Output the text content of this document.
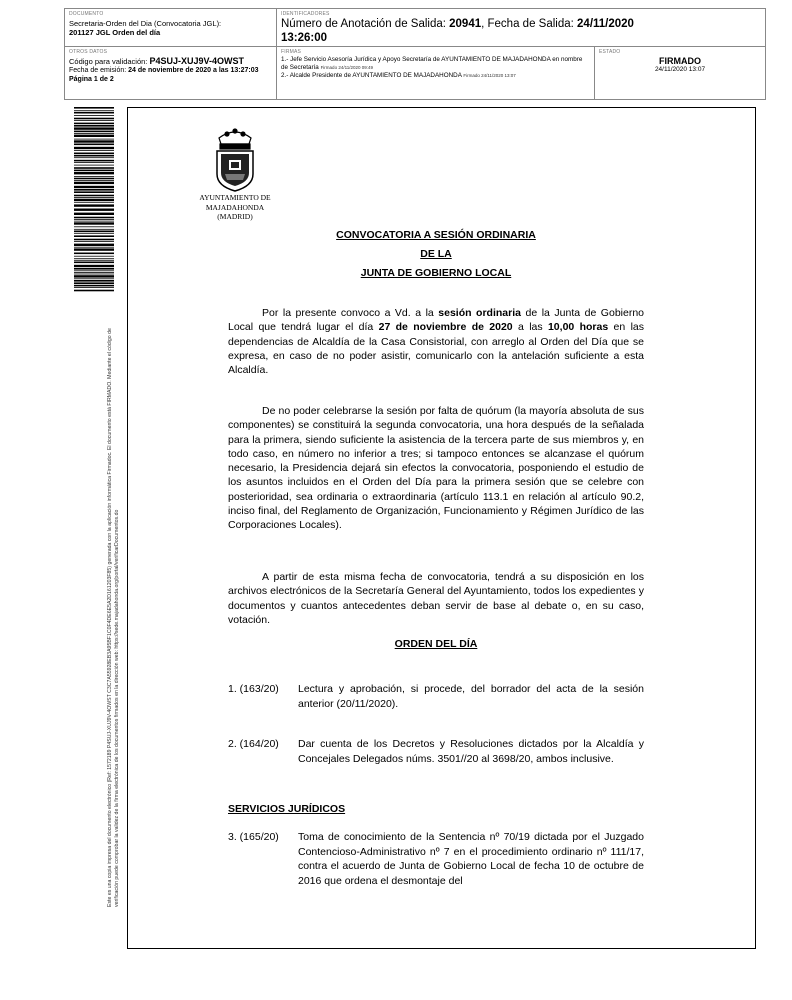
DOCUMENTO
Secretaria-Orden del Dia (Convocatoria JGL):
201127 JGL Orden del día
IDENTIFICADORES
Número de Anotación de Salida: 20941, Fecha de Salida: 24/11/2020
13:26:00
OTROS DATOS
Código para validación: P4SUJ-XUJ9V-4OWST
Fecha de emisión: 24 de noviembre de 2020 a las 13:27:03
Página 1 de 2
FIRMAS
1.- Jefe Servicio Asesoría Jurídica y Apoyo Secretaría de AYUNTAMIENTO DE MAJADAHONDA en nombre de Secretaría Firmado 24/11/2020 09:49
2.- Alcalde Presidente de AYUNTAMIENTO DE MAJADAHONDA Firmado 24/11/2020 13:07
ESTADO
FIRMADO
24/11/2020 13:07
Este es una copia impresa del documento electrónico (Ref: 1572189 P4SUJ-XUJ9V-4OWST C3C7A55928EB3A95BF1C0F4DE6E5A2D161203F85) generada con la aplicación informática Firmadoc. El documento está FIRMADO. Mediante el código de verificación puede comprobar la validez de la firma electrónica de los documentos firmados en la dirección web: https://sede.majadahonda.org/portal/verificarDocumentos.do
AYUNTAMIENTO DE
MAJADAHONDA
(MADRID)
CONVOCATORIA A SESIÓN ORDINARIA
DE LA
JUNTA DE GOBIERNO LOCAL
Por la presente convoco a Vd. a la sesión ordinaria de la Junta de Gobierno Local que tendrá lugar el día 27 de noviembre de 2020 a las 10,00 horas en las dependencias de Alcaldía de la Casa Consistorial, con arreglo al Orden del Día que se expresa, en caso de no poder asistir, comunicarlo con la antelación suficiente a esta Alcaldía.
De no poder celebrarse la sesión por falta de quórum (la mayoría absoluta de sus componentes) se constituirá la segunda convocatoria, una hora después de la señalada para la primera, siendo suficiente la asistencia de la tercera parte de sus miembros y, en todo caso, en número no inferior a tres; si tampoco entonces se alcanzase el quórum necesario, la Presidencia dejará sin efectos la convocatoria, posponiendo el estudio de los asuntos incluidos en el Orden del Día para la primera sesión que se celebre con posterioridad, sea ordinaria o extraordinaria (artículo 113.1 en relación al artículo 90.2, inciso final, del Reglamento de Organización, Funcionamiento y Régimen Jurídico de las Corporaciones Locales).
A partir de esta misma fecha de convocatoria, tendrá a su disposición en los archivos electrónicos de la Secretaría General del Ayuntamiento, todos los expedientes y documentos y cuantos antecedentes deban servir de base al debate o, en su caso, votación.
ORDEN DEL DÍA
1. (163/20) Lectura y aprobación, si procede, del borrador del acta de la sesión anterior (20/11/2020).
2. (164/20) Dar cuenta de los Decretos y Resoluciones dictados por la Alcaldía y Concejales Delegados núms. 3501//20 al 3698/20, ambos inclusive.
SERVICIOS JURÍDICOS
3. (165/20) Toma de conocimiento de la Sentencia nº 70/19 dictada por el Juzgado Contencioso-Administrativo nº 7 en el procedimiento ordinario nº 111/17, contra el acuerdo de Junta de Gobierno Local de fecha 10 de octubre de 2016 que ordena el desmontaje del
